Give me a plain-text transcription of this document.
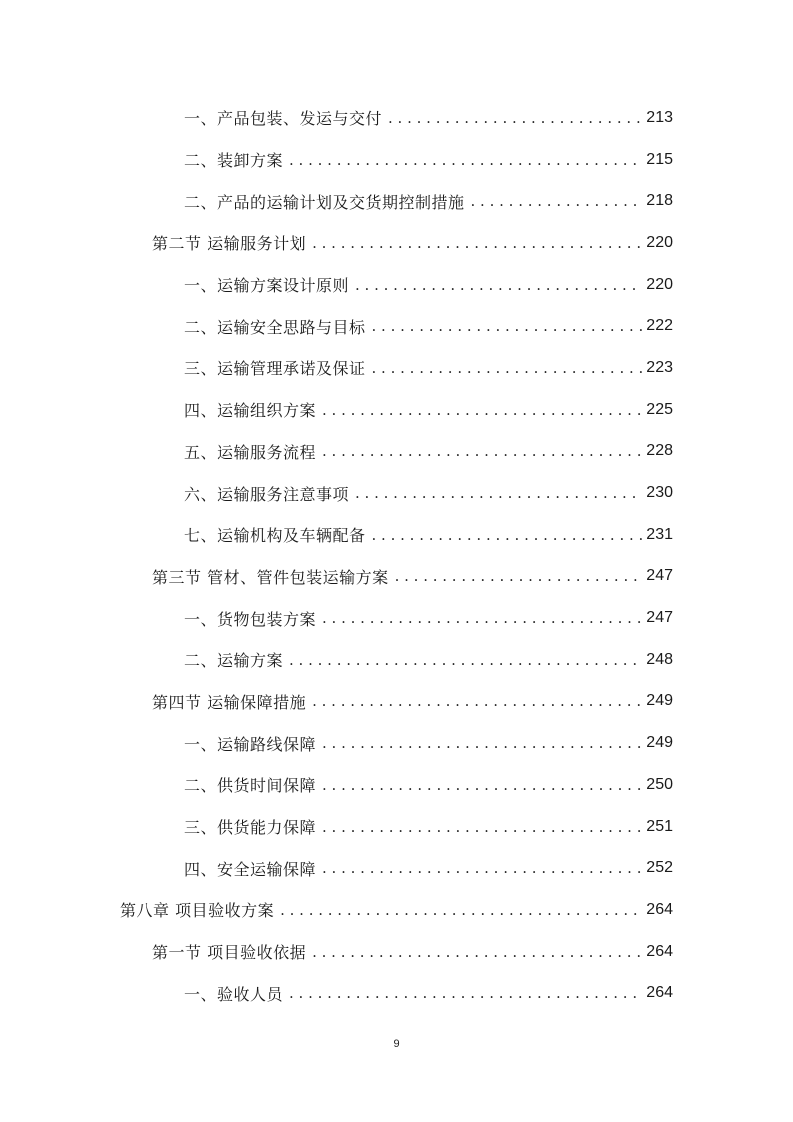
一、产品包装、发运与交付 . . .	213
二、装卸方案 . . .	215
二、产品的运输计划及交货期控制措施 . . .	218
第二节 运输服务计划 . . .	220
一、运输方案设计原则 . . .	220
二、运输安全思路与目标 . . .	222
三、运输管理承诺及保证 . . .	223
四、运输组织方案 . . .	225
五、运输服务流程 . . .	228
六、运输服务注意事项 . . .	230
七、运输机构及车辆配备 . . .	231
第三节 管材、管件包装运输方案 . . .	247
一、货物包装方案 . . .	247
二、运输方案 . . .	248
第四节 运输保障措施 . . .	249
一、运输路线保障 . . .	249
二、供货时间保障 . . .	250
三、供货能力保障 . . .	251
四、安全运输保障 . . .	252
第八章 项目验收方案 . . .	264
第一节 项目验收依据 . . .	264
一、验收人员 . . .	264
9
